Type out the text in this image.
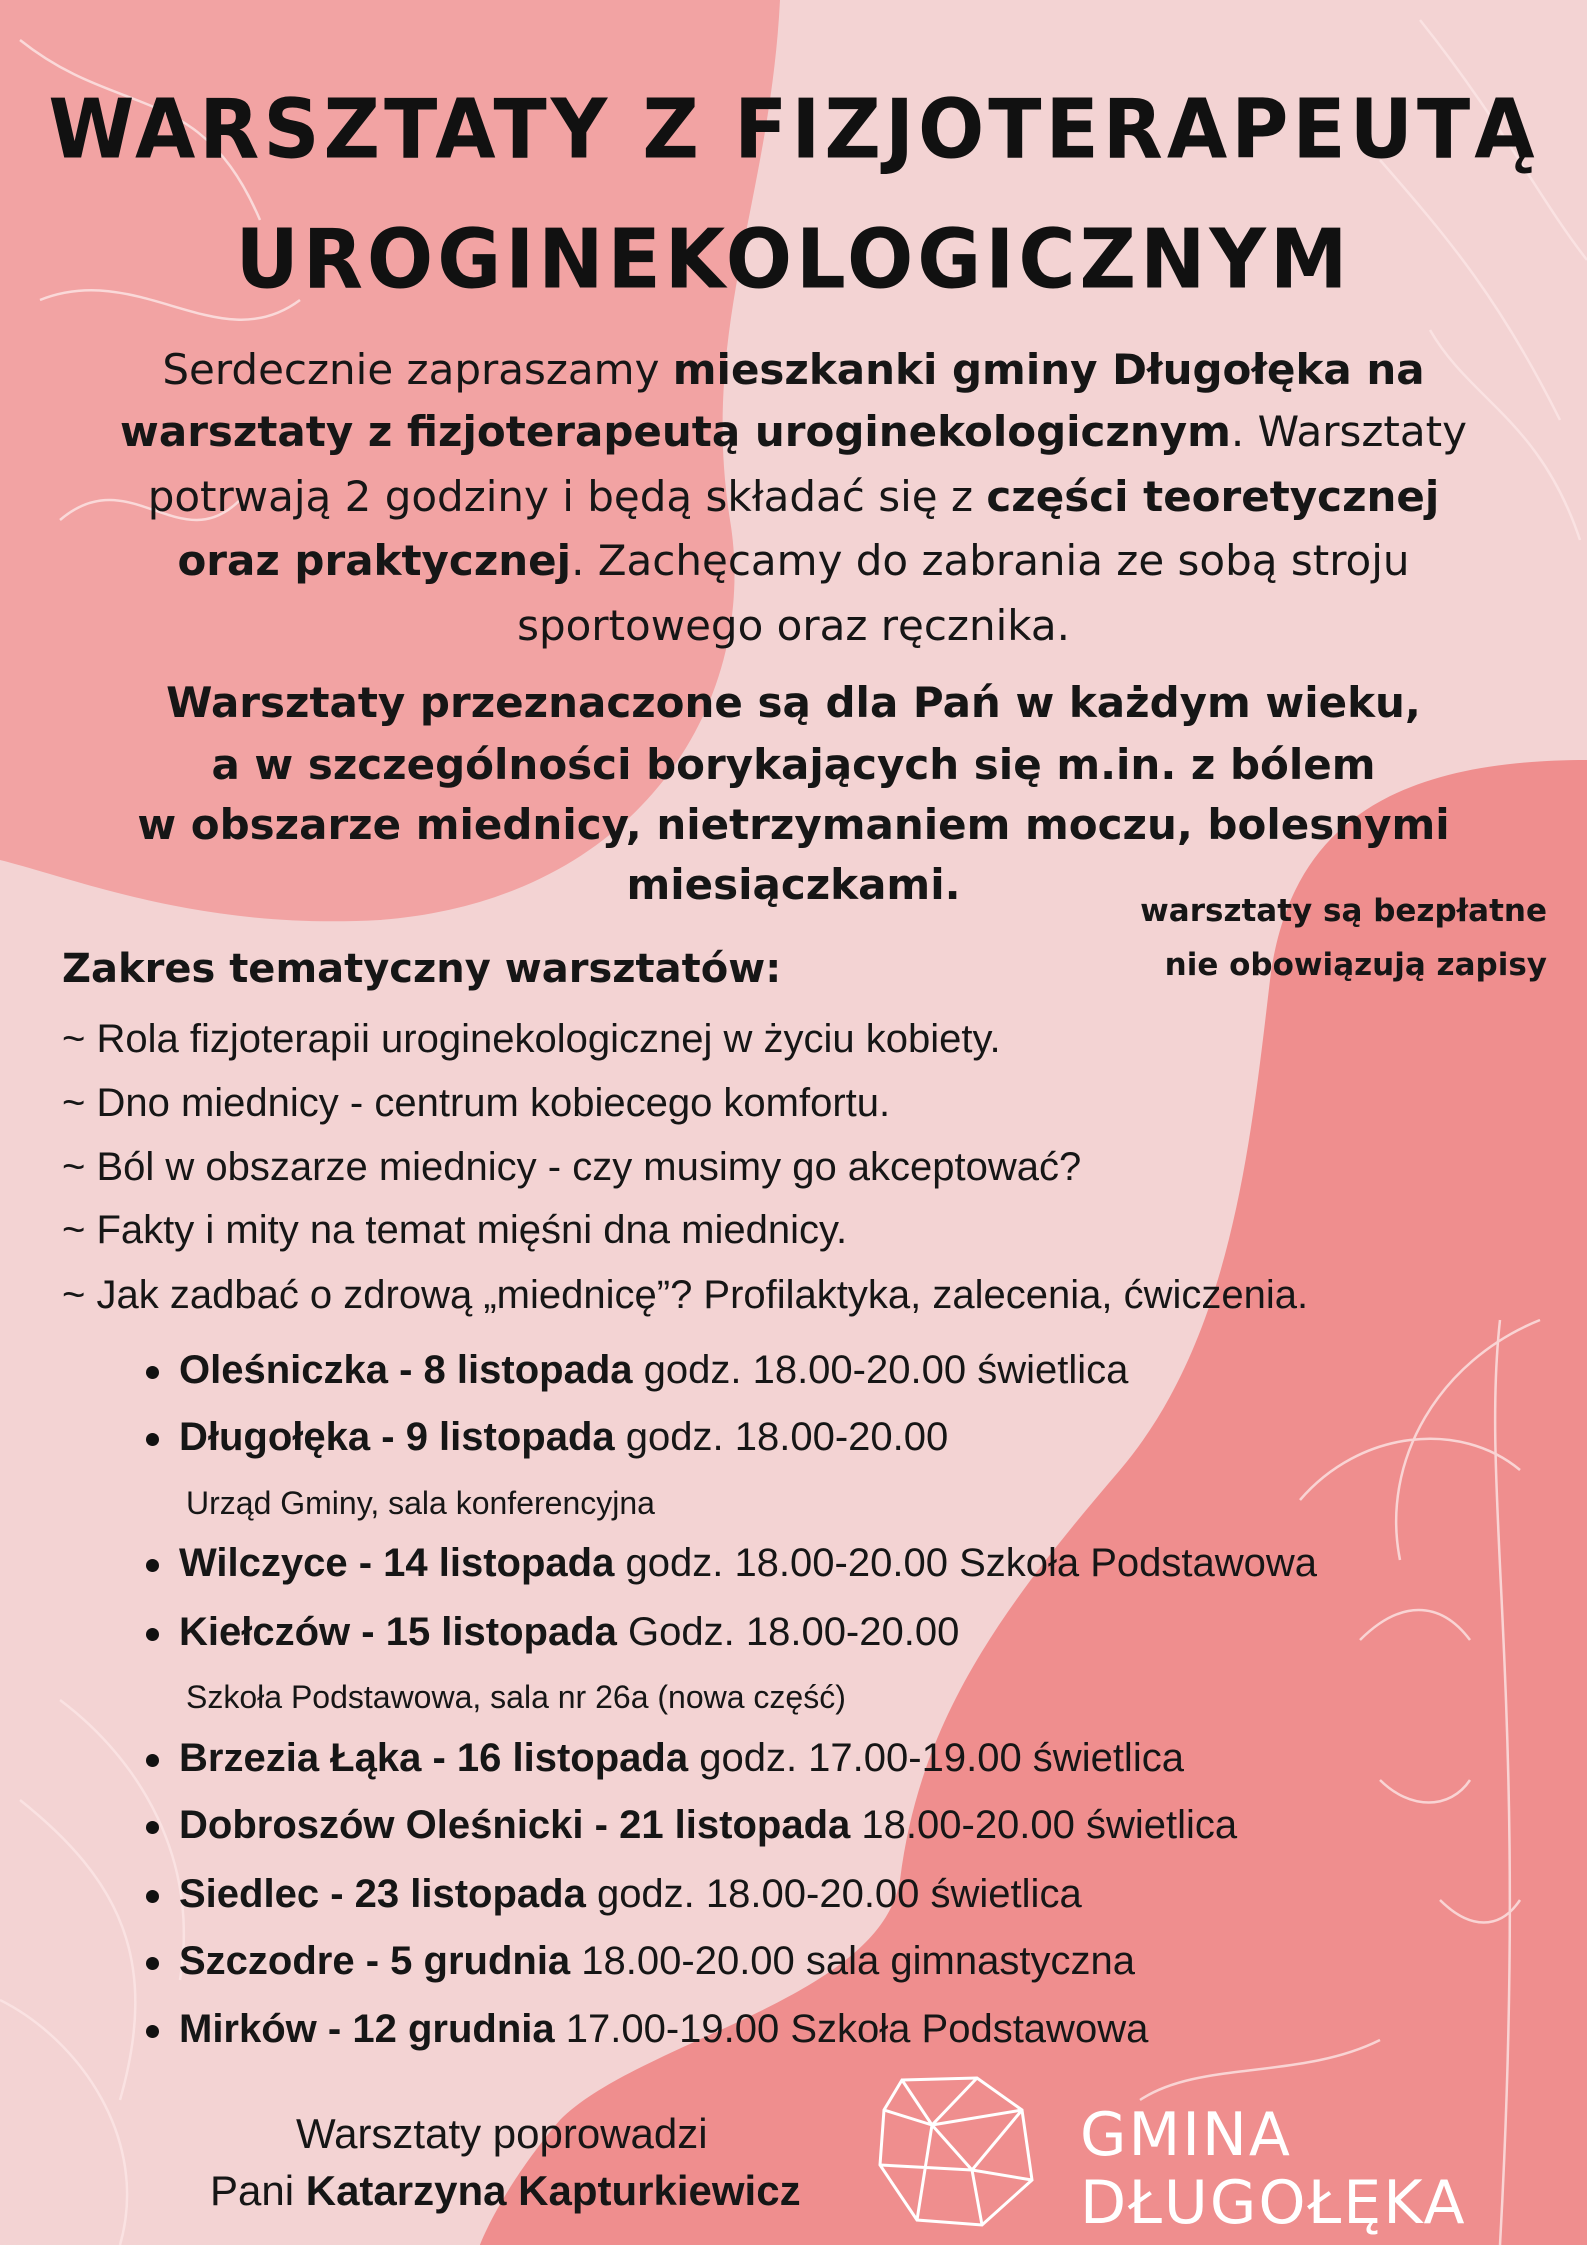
WARSZTATY Z FIZJOTERAPEUTĄ
UROGINEKOLOGICZNYM
Serdecznie zapraszamy mieszkanki gminy Długołęka na
warsztaty z fizjoterapeutą uroginekologicznym. Warsztaty
potrwają 2 godziny i będą składać się z części teoretycznej
oraz praktycznej. Zachęcamy do zabrania ze sobą stroju
sportowego oraz ręcznika.
Warsztaty przeznaczone są dla Pań w każdym wieku,
a w szczególności borykających się m.in. z bólem
w obszarze miednicy, nietrzymaniem moczu, bolesnymi
miesiączkami.
warsztaty są bezpłatne
nie obowiązują zapisy
Zakres tematyczny warsztatów:
~ Rola fizjoterapii uroginekologicznej w życiu kobiety.
~ Dno miednicy - centrum kobiecego komfortu.
~ Ból w obszarze miednicy - czy musimy go akceptować?
~ Fakty i mity na temat mięśni dna miednicy.
~ Jak zadbać o zdrową „miednicę”? Profilaktyka, zalecenia, ćwiczenia.
Oleśniczka - 8 listopada godz. 18.00-20.00 świetlica
Długołęka - 9 listopada godz. 18.00-20.00
Urząd Gminy, sala konferencyjna
Wilczyce - 14 listopada godz. 18.00-20.00 Szkoła Podstawowa
Kiełczów - 15 listopada Godz. 18.00-20.00
Szkoła Podstawowa, sala nr 26a (nowa część)
Brzezia Łąka - 16 listopada godz. 17.00-19.00 świetlica
Dobroszów Oleśnicki - 21 listopada 18.00-20.00 świetlica
Siedlec - 23 listopada godz. 18.00-20.00 świetlica
Szczodre - 5 grudnia 18.00-20.00 sala gimnastyczna
Mirków - 12 grudnia 17.00-19.00 Szkoła Podstawowa
Warsztaty poprowadzi
Pani Katarzyna Kapturkiewicz
GMINA
DŁUGOŁĘKA
